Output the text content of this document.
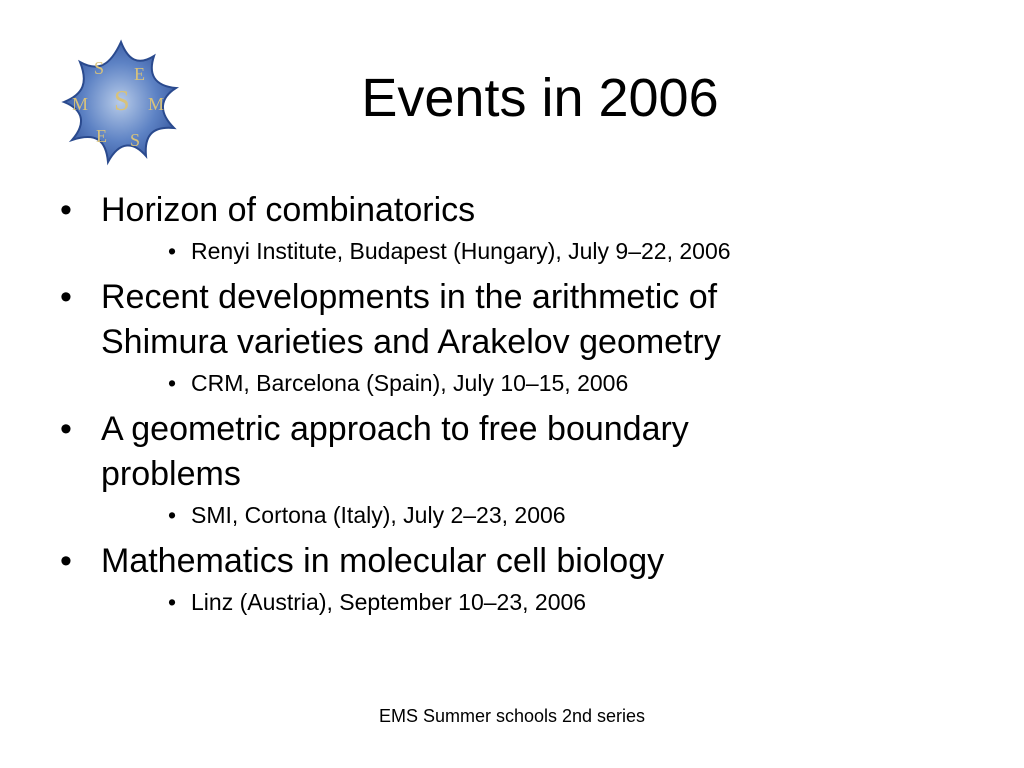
S E
M S M
E S
Events in 2006
• Horizon of combinatorics
• Renyi Institute, Budapest (Hungary), July 9–22, 2006
• Recent developments in the arithmetic of
Shimura varieties and Arakelov geometry
• CRM, Barcelona (Spain), July 10–15, 2006
• A geometric approach to free boundary
problems
• SMI, Cortona (Italy), July 2–23, 2006
• Mathematics in molecular cell biology
• Linz (Austria), September 10–23, 2006
EMS Summer schools 2nd series
